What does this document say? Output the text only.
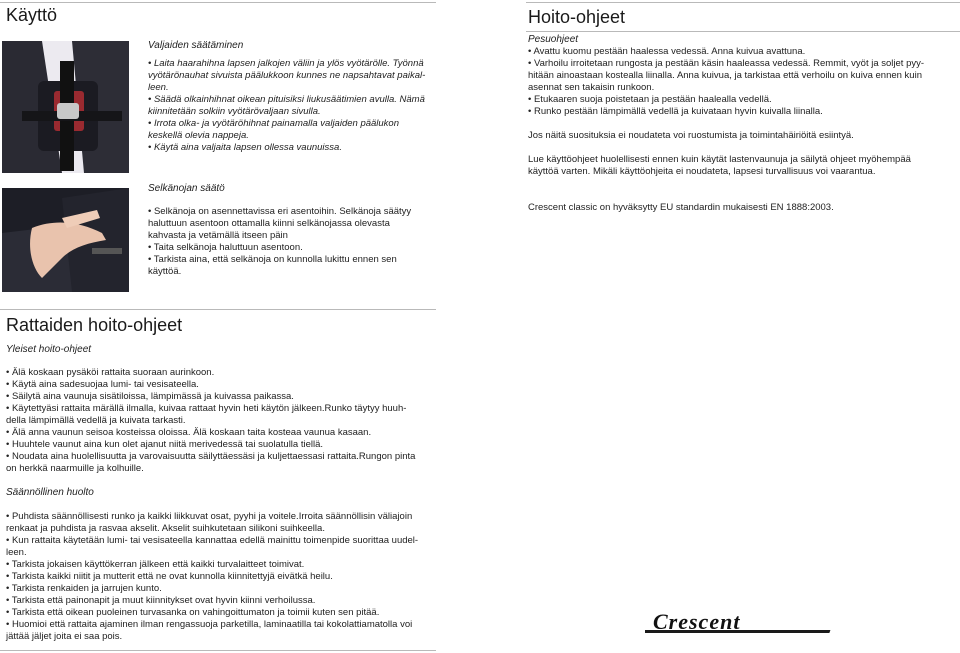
Käyttö
Valjaiden säätäminen
• Laita haarahihna lapsen jalkojen väliin ja ylös vyötärölle. Työnnä
vyötärönauhat sivuista päälukkoon kunnes ne napsahtavat paikal-
leen.
• Säädä olkainhihnat oikean pituisiksi liukusäätimien avulla. Nämä
kiinnitetään solkiin vyötärövaljaan sivulla.
• Irrota olka- ja vyötäröhihnat painamalla valjaiden päälukon
keskellä olevia nappeja.
• Käytä aina valjaita lapsen ollessa vaunuissa.
Selkänojan säätö
• Selkänoja on asennettavissa eri asentoihin. Selkänoja säätyy
haluttuun asentoon ottamalla kiinni selkänojassa olevasta
kahvasta ja vetämällä itseen päin
• Taita selkänoja haluttuun asentoon.
• Tarkista aina, että selkänoja on kunnolla lukittu ennen sen
käyttöä.
Hoito-ohjeet
Pesuohjeet
• Avattu kuomu pestään haalessa vedessä. Anna kuivua avattuna.
• Varhoilu irroitetaan rungosta ja pestään käsin haaleassa vedessä. Remmit, vyöt ja soljet pyy-
hitään ainoastaan kostealla liinalla. Anna kuivua, ja tarkistaa että verhoilu on kuiva ennen kuin
asennat sen takaisin runkoon.
• Etukaaren suoja poistetaan ja pestään haalealla vedellä.
• Runko pestään lämpimällä vedellä ja kuivataan hyvin kuivalla liinalla.
Jos näitä suosituksia ei noudateta voi ruostumista ja toimintahäiriöitä esiintyä.
Lue käyttöohjeet huolellisesti ennen kuin käytät lastenvaunuja ja säilytä ohjeet myöhempää
käyttöä varten. Mikäli käyttöohjeita ei noudateta, lapsesi turvallisuus voi vaarantua.
Crescent classic on hyväksytty EU standardin mukaisesti EN 1888:2003.
Rattaiden hoito-ohjeet
Yleiset hoito-ohjeet
• Älä koskaan pysäköi rattaita suoraan aurinkoon.
• Käytä aina sadesuojaa lumi- tai vesisateella.
• Säilytä aina vaunuja sisätiloissa, lämpimässä ja kuivassa paikassa.
• Käytettyäsi rattaita märällä ilmalla, kuivaa rattaat hyvin heti käytön jälkeen.Runko täytyy huuh-
della lämpimällä vedellä ja kuivata tarkasti.
• Älä anna vaunun seisoa kosteissa oloissa. Älä koskaan taita kosteaa vaunua kasaan.
• Huuhtele vaunut aina kun olet ajanut niitä merivedessä tai suolatulla tiellä.
• Noudata aina huolellisuutta ja varovaisuutta säilyttäessäsi ja kuljettaessasi rattaita.Rungon pinta
on herkkä naarmuille ja kolhuille.
Säännöllinen huolto
• Puhdista säännöllisesti runko ja kaikki liikkuvat osat, pyyhi ja voitele.Irroita säännöllisin väliajoin
renkaat ja puhdista ja rasvaa akselit. Akselit suihkutetaan silikoni suihkeella.
• Kun rattaita käytetään lumi- tai vesisateella kannattaa edellä mainittu toimenpide suorittaa uudel-
leen.
• Tarkista jokaisen käyttökerran jälkeen että kaikki turvalaitteet toimivat.
• Tarkista kaikki niitit ja mutterit että ne ovat kunnolla kiinnitettyjä eivätkä heilu.
• Tarkista renkaiden ja jarrujen kunto.
• Tarkista että painonapit ja muut kiinnitykset ovat hyvin kiinni verhoilussa.
• Tarkista että oikean puoleinen turvasanka on vahingoittumaton ja toimii kuten sen pitää.
• Huomioi että rattaita ajaminen ilman rengassuoja parketilla, laminaatilla tai kokolattiamatolla voi
jättää jäljet joita ei saa pois.
Crescent
